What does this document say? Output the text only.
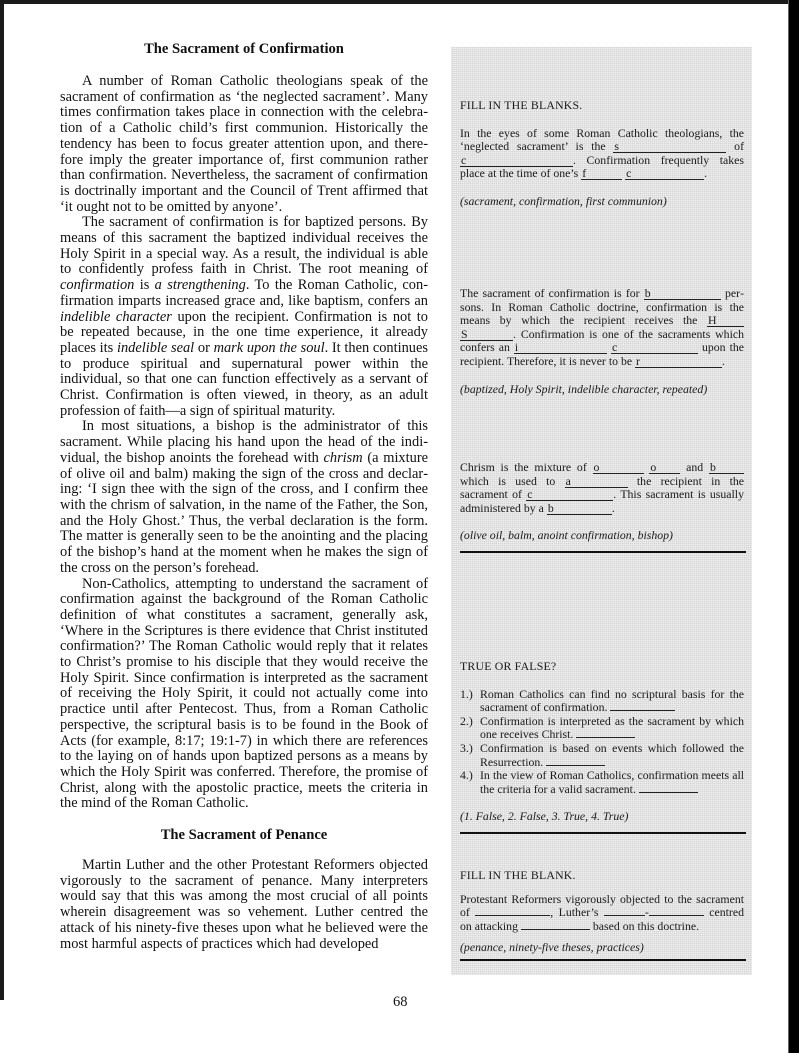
The Sacrament of Confirmation

A number of Roman Catholic theologians speak of the sacrament of confirmation as ‘the neglected sacrament’. Many times confirmation takes place in connection with the celebration of a Catholic child’s first communion. Historically the tendency has been to focus greater attention upon, and therefore imply the greater importance of, first communion rather than confirmation. Nevertheless, the sacrament of confirmation is doctrinally important and the Council of Trent affirmed that ‘it ought not to be omitted by anyone’.

The sacrament of confirmation is for baptized persons. By means of this sacrament the baptized individual receives the Holy Spirit in a special way. As a result, the individual is able to confidently profess faith in Christ. The root meaning of confirmation is a strengthening. To the Roman Catholic, confirmation imparts increased grace and, like baptism, confers an indelible character upon the recipient. Confirmation is not to be repeated because, in the one time experience, it already places its indelible seal or mark upon the soul. It then continues to produce spiritual and supernatural power within the individual, so that one can function effectively as a servant of Christ. Confirmation is often viewed, in theory, as an adult profession of faith—a sign of spiritual maturity.

In most situations, a bishop is the administrator of this sacrament. While placing his hand upon the head of the individual, the bishop anoints the forehead with chrism (a mixture of olive oil and balm) making the sign of the cross and declaring: ‘I sign thee with the sign of the cross, and I confirm thee with the chrism of salvation, in the name of the Father, the Son, and the Holy Ghost.’ Thus, the verbal declaration is the form. The matter is generally seen to be the anointing and the placing of the bishop’s hand at the moment when he makes the sign of the cross on the person’s forehead.

Non-Catholics, attempting to understand the sacrament of confirmation against the background of the Roman Catholic definition of what constitutes a sacrament, generally ask, ‘Where in the Scriptures is there evidence that Christ instituted confirmation?’ The Roman Catholic would reply that it relates to Christ’s promise to his disciple that they would receive the Holy Spirit. Since confirmation is interpreted as the sacrament of receiving the Holy Spirit, it could not actually come into practice until after Pentecost. Thus, from a Roman Catholic perspective, the scriptural basis is to be found in the Book of Acts (for example, 8:17; 19:1-7) in which there are references to the laying on of hands upon baptized persons as a means by which the Holy Spirit was conferred. Therefore, the promise of Christ, along with the apostolic practice, meets the criteria in the mind of the Roman Catholic.

The Sacrament of Penance

Martin Luther and the other Protestant Reformers objected vigorously to the sacrament of penance. Many interpreters would say that this was among the most crucial of all points wherein disagreement was so vehement. Luther centred the attack of his ninety-five theses upon what he believed were the most harmful aspects of practices which had developed

68

FILL IN THE BLANKS.

In the eyes of some Roman Catholic theologians, the ‘neglected sacrament’ is the s	of c	. Confirmation frequently takes place at the time of one’s f	c	.

(sacrament, confirmation, first communion)

The sacrament of confirmation is for b	persons. In Roman Catholic doctrine, confirmation is the means by which the recipient receives the H S	. Confirmation is one of the sacraments which confers an i	c	upon the recipient. Therefore, it is never to be r	.

(baptized, Holy Spirit, indelible character, repeated)

Chrism is the mixture of o	o and b which is used to a	the recipient in the sacrament of c	. This sacrament is usually administered by a b	.

(olive oil, balm, anoint confirmation, bishop)

TRUE OR FALSE?

1.) Roman Catholics can find no scriptural basis for the sacrament of confirmation.
2.) Confirmation is interpreted as the sacrament by which one receives Christ.
3.) Confirmation is based on events which followed the Resurrection.
4.) In the view of Roman Catholics, confirmation meets all the criteria for a valid sacrament.

(1. False, 2. False, 3. True, 4. True)

FILL IN THE BLANK.

Protestant Reformers vigorously objected to the sacrament of	, Luther’s	-	centred on attacking	based on this doctrine.

(penance, ninety-five theses, practices)
